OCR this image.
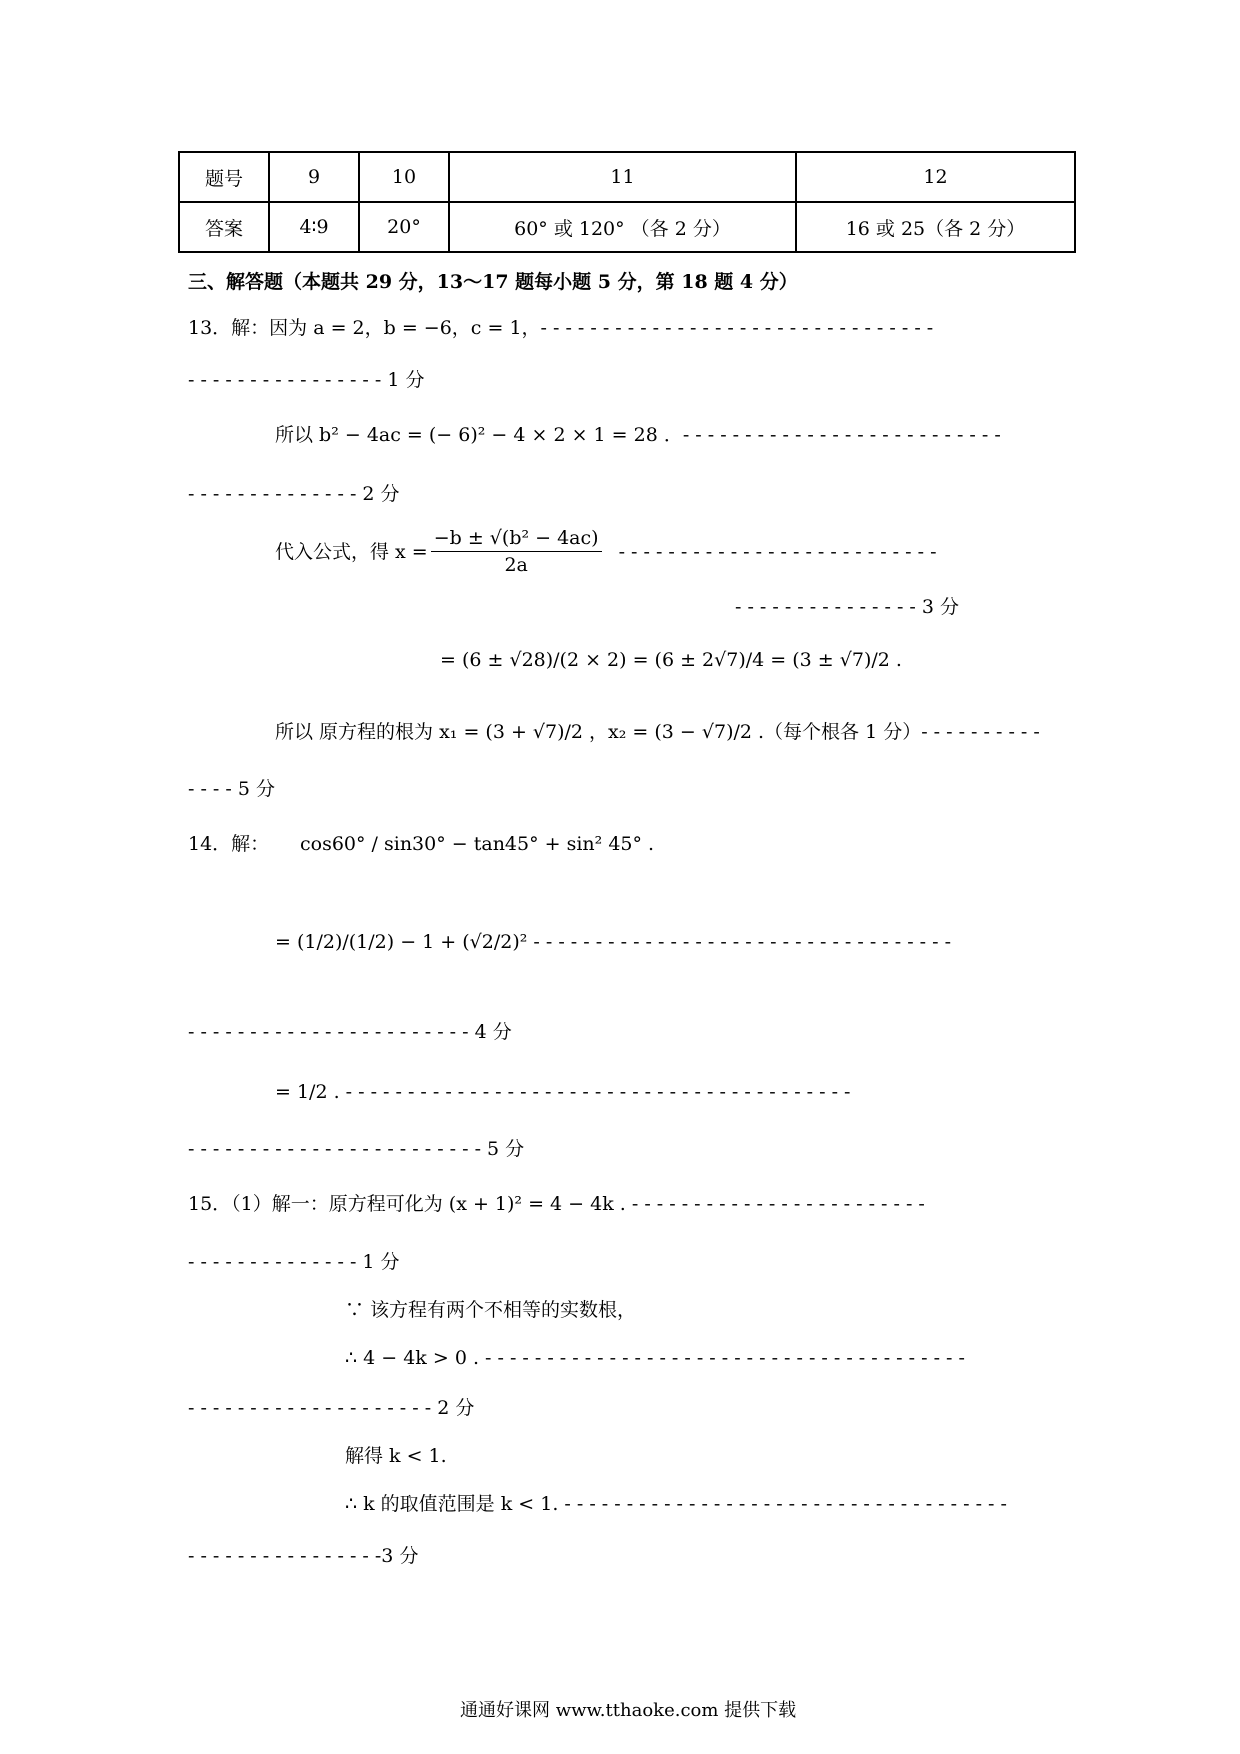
题号	9	10	11	12
答案	4∶9	20°	60° 或 120° （各 2 分）	16 或 25（各 2 分）
三、解答题（本题共 29 分，13～17 题每小题 5 分，第 18 题 4 分）
13．解：因为 a = 2，b = −6，c = 1，- - - - - - - - - - - - - - - - - - - - - - - - - - - - - - - -
- - - - - - - - - - - - - - - - 1 分
所以 b² − 4ac = (− 6)² − 4 × 2 × 1 = 28 ．- - - - - - - - - - - - - - - - - - - - - - - - - -
- - - - - - - - - - - - - - 2 分
代入公式，得 $x = \frac{\text{−b ± √(b² − 4ac)}}{2a}$ - - - - - - - - - - - - - - - - - - - - - - - - - -
- - - - - - - - - - - - - - - 3 分
= (6 ± √28)/(2 × 2) = (6 ± 2√7)/4 = (3 ± √7)/2 .
所以 原方程的根为 x₁ = (3 + √7)/2 ，x₂ = (3 − √7)/2 .（每个根各 1 分）- - - - - - - - - -
- - - - 5 分
14．解： cos60° / sin30° − tan45° + sin² 45° .
= (1/2)/(1/2) − 1 + (√2/2)² - - - - - - - - - - - - - - - - - - - - - - - - - - - - - - - - - -
- - - - - - - - - - - - - - - - - - - - - - - 4 分
= 1/2 . - - - - - - - - - - - - - - - - - - - - - - - - - - - - - - - - - - - - - - - - -
- - - - - - - - - - - - - - - - - - - - - - - - 5 分
15．（1）解一：原方程可化为 (x + 1)² = 4 − 4k . - - - - - - - - - - - - - - - - - - - - - - - -
- - - - - - - - - - - - - - 1 分
∵ 该方程有两个不相等的实数根，
∴ 4 − 4k > 0 . - - - - - - - - - - - - - - - - - - - - - - - - - - - - - - - - - - - - - - -
- - - - - - - - - - - - - - - - - - - - 2 分
解得 k < 1.
∴ k 的取值范围是 k < 1. - - - - - - - - - - - - - - - - - - - - - - - - - - - - - - - - - - - -
- - - - - - - - - - - - - - - -3 分
通通好课网 www.tthaoke.com 提供下载
